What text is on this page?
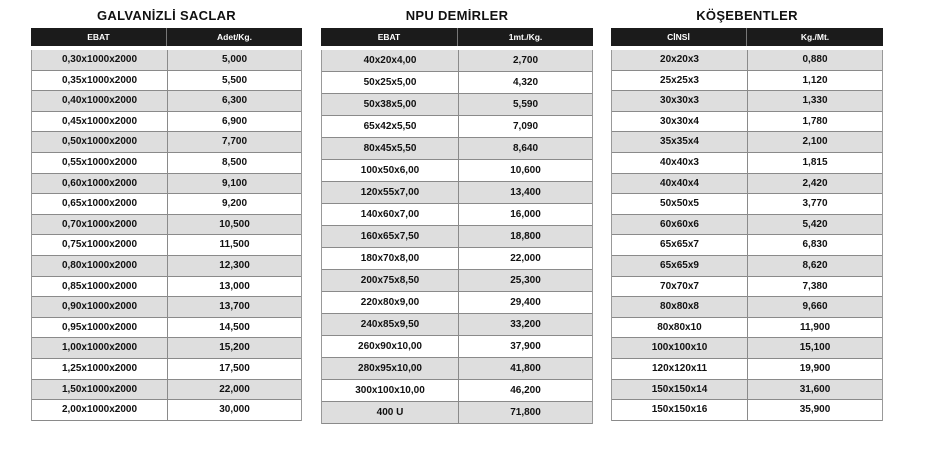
GALVANİZLİ SACLAR
EBAT	Adet/Kg.
0,30x1000x2000	5,000
0,35x1000x2000	5,500
0,40x1000x2000	6,300
0,45x1000x2000	6,900
0,50x1000x2000	7,700
0,55x1000x2000	8,500
0,60x1000x2000	9,100
0,65x1000x2000	9,200
0,70x1000x2000	10,500
0,75x1000x2000	11,500
0,80x1000x2000	12,300
0,85x1000x2000	13,000
0,90x1000x2000	13,700
0,95x1000x2000	14,500
1,00x1000x2000	15,200
1,25x1000x2000	17,500
1,50x1000x2000	22,000
2,00x1000x2000	30,000
NPU DEMİRLER
EBAT	1mt./Kg.
40x20x4,00	2,700
50x25x5,00	4,320
50x38x5,00	5,590
65x42x5,50	7,090
80x45x5,50	8,640
100x50x6,00	10,600
120x55x7,00	13,400
140x60x7,00	16,000
160x65x7,50	18,800
180x70x8,00	22,000
200x75x8,50	25,300
220x80x9,00	29,400
240x85x9,50	33,200
260x90x10,00	37,900
280x95x10,00	41,800
300x100x10,00	46,200
400 U	71,800
KÖŞEBENTLER
CİNSİ	Kg./Mt.
20x20x3	0,880
25x25x3	1,120
30x30x3	1,330
30x30x4	1,780
35x35x4	2,100
40x40x3	1,815
40x40x4	2,420
50x50x5	3,770
60x60x6	5,420
65x65x7	6,830
65x65x9	8,620
70x70x7	7,380
80x80x8	9,660
80x80x10	11,900
100x100x10	15,100
120x120x11	19,900
150x150x14	31,600
150x150x16	35,900
